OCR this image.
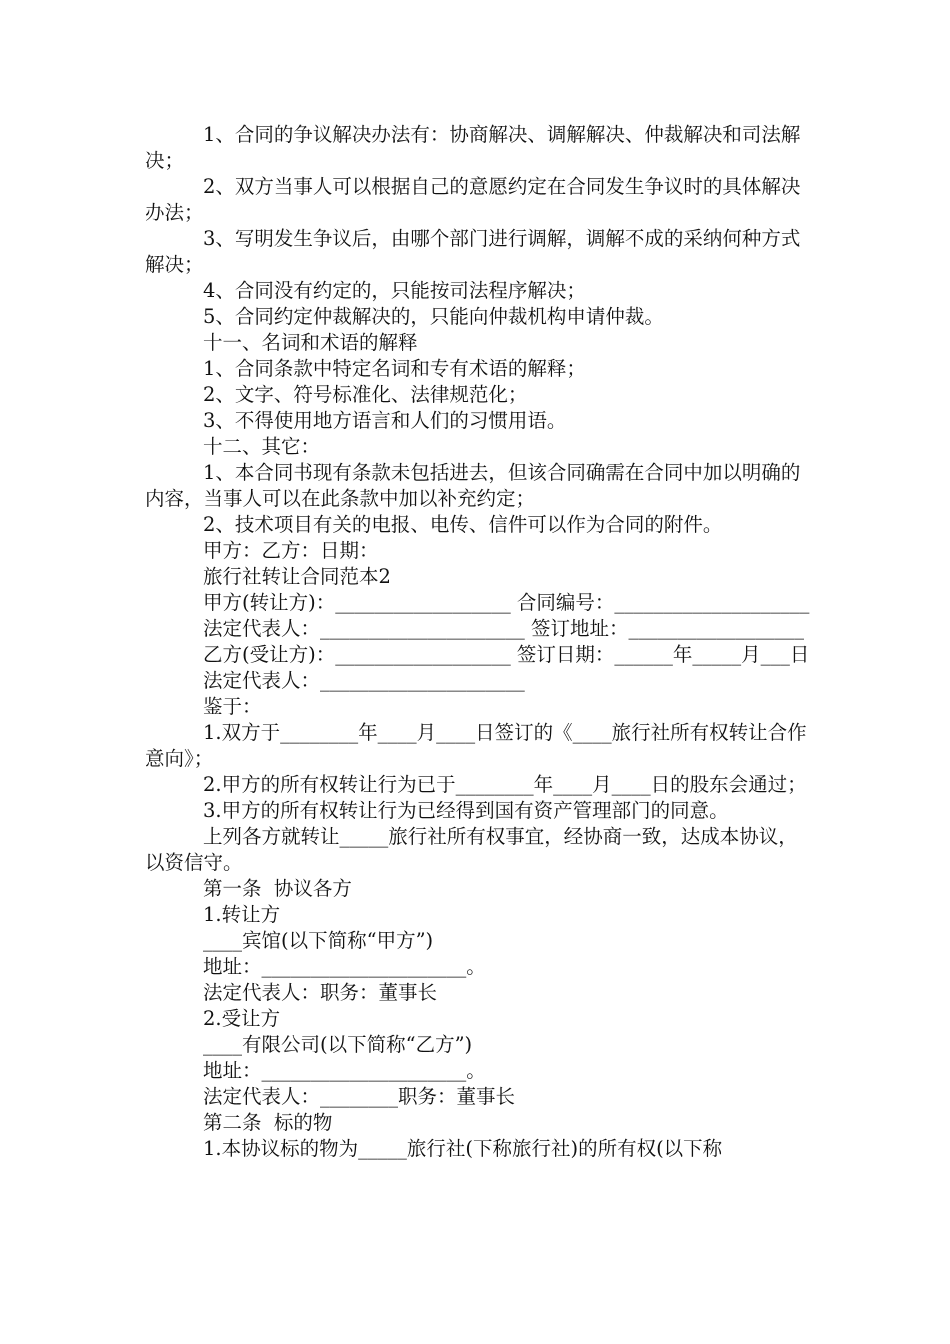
1、合同的争议解决办法有：协商解决、调解解决、仲裁解决和司法解决；

2、双方当事人可以根据自己的意愿约定在合同发生争议时的具体解决办法；

3、写明发生争议后，由哪个部门进行调解，调解不成的采纳何种方式解决；

4、合同没有约定的，只能按司法程序解决；

5、合同约定仲裁解决的，只能向仲裁机构申请仲裁。

十一、名词和术语的解释

1、合同条款中特定名词和专有术语的解释；

2、文字、符号标准化、法律规范化；

3、不得使用地方语言和人们的习惯用语。

十二、其它：

1、本合同书现有条款未包括进去，但该合同确需在合同中加以明确的内容，当事人可以在此条款中加以补充约定；

2、技术项目有关的电报、电传、信件可以作为合同的附件。

甲方：乙方：日期：

旅行社转让合同范本2

甲方(转让方)：__________________ 合同编号：____________________

法定代表人：_____________________ 签订地址：__________________

乙方(受让方)：__________________ 签订日期：______年_____月___日

法定代表人：_____________________

鉴于：

1.双方于________年____月____日签订的《____旅行社所有权转让合作意向》；

2.甲方的所有权转让行为已于________年____月____日的股东会通过；

3.甲方的所有权转让行为已经得到国有资产管理部门的同意。

上列各方就转让_____旅行社所有权事宜，经协商一致，达成本协议，以资信守。

第一条  协议各方

1.转让方

____宾馆(以下简称“甲方”)

地址：_____________________。

法定代表人：职务：董事长

2.受让方

____有限公司(以下简称“乙方”)

地址：_____________________。

法定代表人：________职务：董事长

第二条  标的物

1.本协议标的物为_____旅行社(下称旅行社)的所有权(以下称
